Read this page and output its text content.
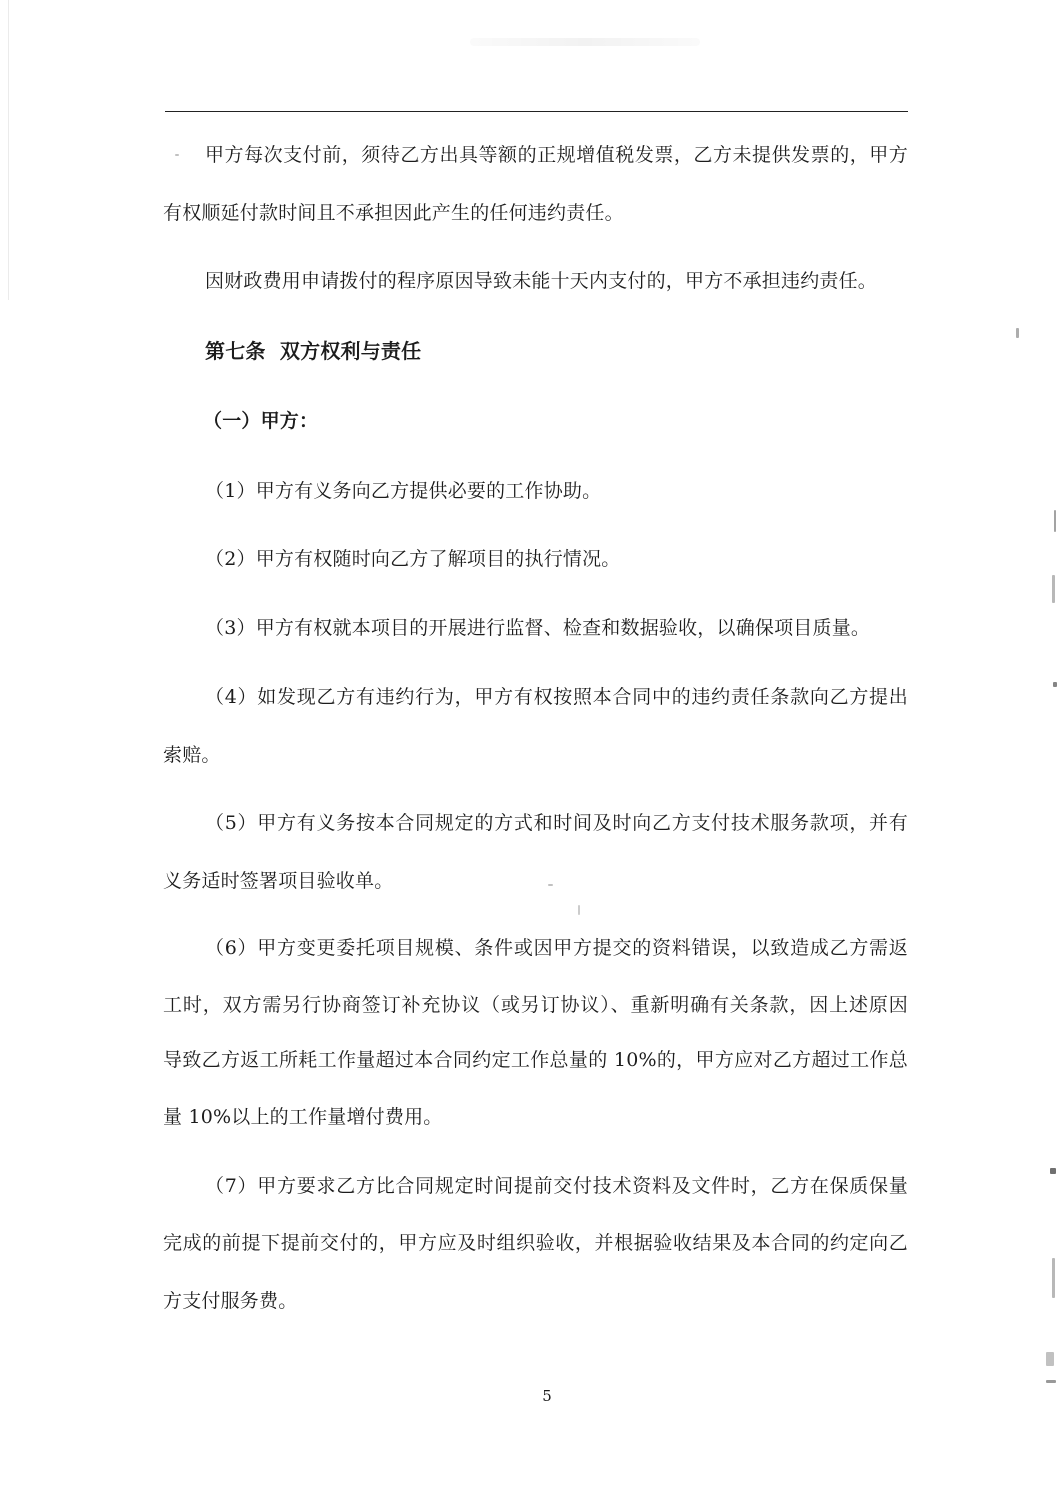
甲方每次支付前，须待乙方出具等额的正规增值税发票，乙方未提供发票的，甲方
有权顺延付款时间且不承担因此产生的任何违约责任。
因财政费用申请拨付的程序原因导致未能十天内支付的，甲方不承担违约责任。
第七条  双方权利与责任
（一）甲方：
（1）甲方有义务向乙方提供必要的工作协助。
（2）甲方有权随时向乙方了解项目的执行情况。
（3）甲方有权就本项目的开展进行监督、检查和数据验收，以确保项目质量。
（4）如发现乙方有违约行为，甲方有权按照本合同中的违约责任条款向乙方提出
索赔。
（5）甲方有义务按本合同规定的方式和时间及时向乙方支付技术服务款项，并有
义务适时签署项目验收单。
（6）甲方变更委托项目规模、条件或因甲方提交的资料错误，以致造成乙方需返
工时，双方需另行协商签订补充协议（或另订协议）、重新明确有关条款，因上述原因
导致乙方返工所耗工作量超过本合同约定工作总量的 10%的，甲方应对乙方超过工作总
量 10%以上的工作量增付费用。
（7）甲方要求乙方比合同规定时间提前交付技术资料及文件时，乙方在保质保量
完成的前提下提前交付的，甲方应及时组织验收，并根据验收结果及本合同的约定向乙
方支付服务费。
5
